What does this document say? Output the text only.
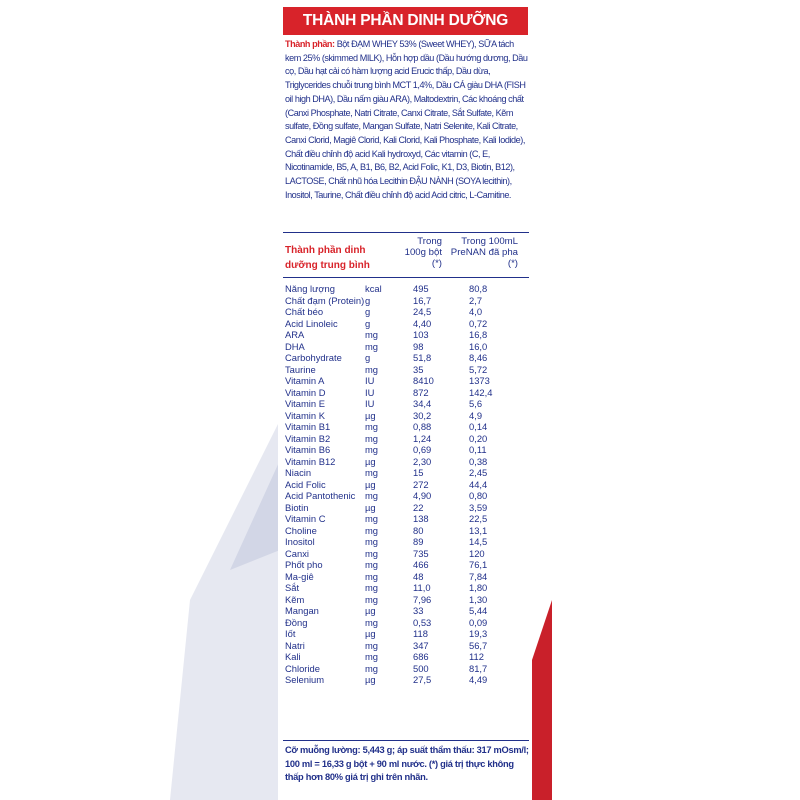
THÀNH PHẦN DINH DƯỠNG
Thành phần: Bột ĐẠM WHEY 53% (Sweet WHEY), SỮA tách kem 25% (skimmed MILK), Hỗn hợp dầu (Dầu hướng dương, Dầu cọ, Dầu hạt cải có hàm lượng acid Erucic thấp, Dầu dừa, Triglycerides chuỗi trung bình MCT 1,4%, Dầu CÁ giàu DHA (FISH oil high DHA), Dầu nấm giàu ARA), Maltodextrin, Các khoáng chất (Canxi Phosphate, Natri Citrate, Canxi Citrate, Sắt Sulfate, Kẽm sulfate, Đồng sulfate, Mangan Sulfate, Natri Selenite, Kali Citrate, Canxi Clorid, Magiê Clorid, Kali Clorid, Kali Phosphate, Kali Iodide), Chất điều chỉnh độ acid Kali hydroxyd, Các vitamin (C, E, Nicotinamide, B5, A, B1, B6, B2, Acid Folic, K1, D3, Biotin, B12), LACTOSE, Chất nhũ hóa Lecithin ĐẬU NÀNH (SOYA lecithin), Inositol, Taurine, Chất điều chỉnh độ acid Acid citric, L-Carnitine.
Thành phần dinh dưỡng trung bình
Trong 100g bột (*)
Trong 100mL PreNAN đã pha (*)
Năng lượng	kcal	495	80,8
Chất đạm (Protein) g	16,7	2,7
Chất béo	g	24,5	4,0
Acid Linoleic	g	4,40	0,72
ARA	mg	103	16,8
DHA	mg	98	16,0
Carbohydrate g	51,8	8,46
Taurine	mg	35	5,72
Vitamin A	IU	8410	1373
Vitamin D	IU	872	142,4
Vitamin E	IU	34,4	5,6
Vitamin K	µg	30,2	4,9
Vitamin B1	mg	0,88	0,14
Vitamin B2	mg	1,24	0,20
Vitamin B6	mg	0,69	0,11
Vitamin B12	µg	2,30	0,38
Niacin	mg	15	2,45
Acid Folic	µg	272	44,4
Acid Pantothenic mg	4,90	0,80
Biotin	µg	22	3,59
Vitamin C	mg	138	22,5
Choline	mg	80	13,1
Inositol	mg	89	14,5
Canxi	mg	735	120
Phốt pho	mg	466	76,1
Ma-giê	mg	48	7,84
Sắt	mg	11,0	1,80
Kẽm	mg	7,96	1,30
Mangan	µg	33	5,44
Đồng	mg	0,53	0,09
Iốt	µg	118	19,3
Natri	mg	347	56,7
Kali	mg	686	112
Chloride	mg	500	81,7
Selenium	µg	27,5	4,49
Cỡ muỗng lường: 5,443 g; áp suất thẩm thấu: 317 mOsm/l; 100 ml = 16,33 g bột + 90 ml nước. (*) giá trị thực không thấp hơn 80% giá trị ghi trên nhãn.
